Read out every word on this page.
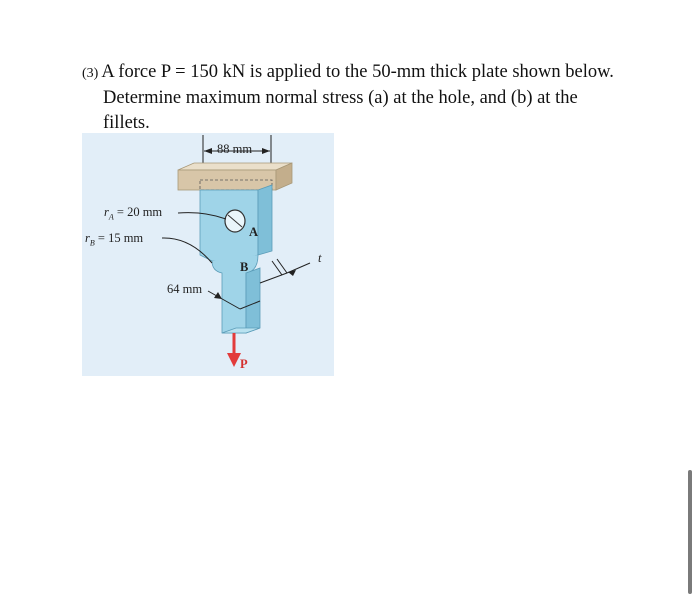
(3) A force P = 150 kN is applied to the 50-mm thick plate shown below.
Determine maximum normal stress (a) at the hole, and (b) at the
fillets.
88 mm
$r_A = 20$ mm
$r_B = 15$ mm	A
B
64 mm
t
P
